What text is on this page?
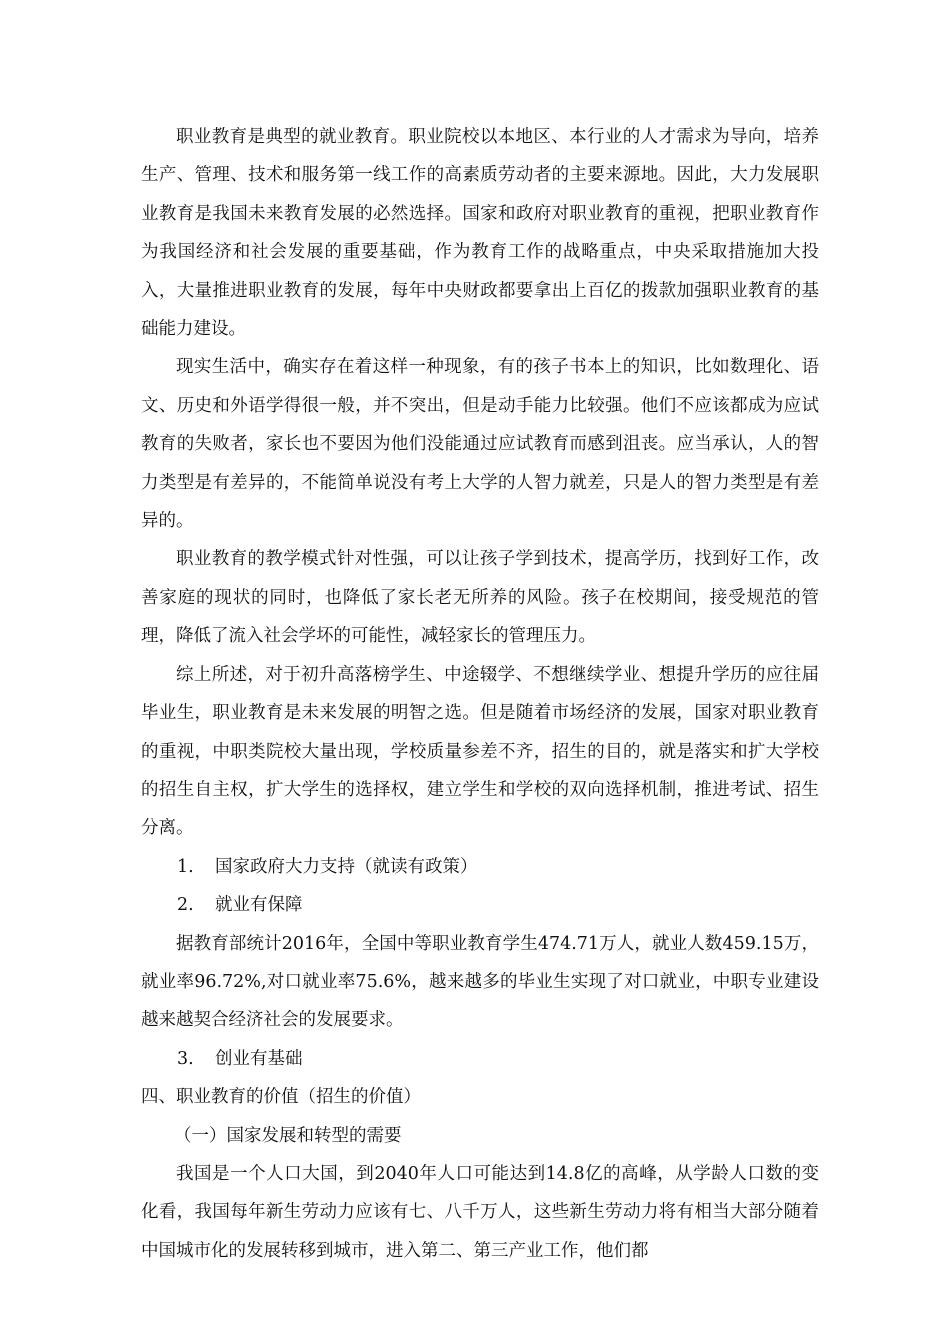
职业教育是典型的就业教育。职业院校以本地区、本行业的人才需求为导向，培养生产、管理、技术和服务第一线工作的高素质劳动者的主要来源地。因此，大力发展职业教育是我国未来教育发展的必然选择。国家和政府对职业教育的重视，把职业教育作为我国经济和社会发展的重要基础，作为教育工作的战略重点，中央采取措施加大投入，大量推进职业教育的发展，每年中央财政都要拿出上百亿的拨款加强职业教育的基础能力建设。

现实生活中，确实存在着这样一种现象，有的孩子书本上的知识，比如数理化、语文、历史和外语学得很一般，并不突出，但是动手能力比较强。他们不应该都成为应试教育的失败者，家长也不要因为他们没能通过应试教育而感到沮丧。应当承认，人的智力类型是有差异的，不能简单说没有考上大学的人智力就差，只是人的智力类型是有差异的。

职业教育的教学模式针对性强，可以让孩子学到技术，提高学历，找到好工作，改善家庭的现状的同时，也降低了家长老无所养的风险。孩子在校期间，接受规范的管理，降低了流入社会学坏的可能性，减轻家长的管理压力。

综上所述，对于初升高落榜学生、中途辍学、不想继续学业、想提升学历的应往届毕业生，职业教育是未来发展的明智之选。但是随着市场经济的发展，国家对职业教育的重视，中职类院校大量出现，学校质量参差不齐，招生的目的，就是落实和扩大学校的招生自主权，扩大学生的选择权，建立学生和学校的双向选择机制，推进考试、招生分离。

1. 国家政府大力支持（就读有政策）

2. 就业有保障

据教育部统计2016年，全国中等职业教育学生474.71万人，就业人数459.15万，就业率96.72%,对口就业率75.6%，越来越多的毕业生实现了对口就业，中职专业建设越来越契合经济社会的发展要求。

3. 创业有基础

四、职业教育的价值（招生的价值）

（一）国家发展和转型的需要

我国是一个人口大国，到2040年人口可能达到14.8亿的高峰，从学龄人口数的变化看，我国每年新生劳动力应该有七、八千万人，这些新生劳动力将有相当大部分随着中国城市化的发展转移到城市，进入第二、第三产业工作，他们都
